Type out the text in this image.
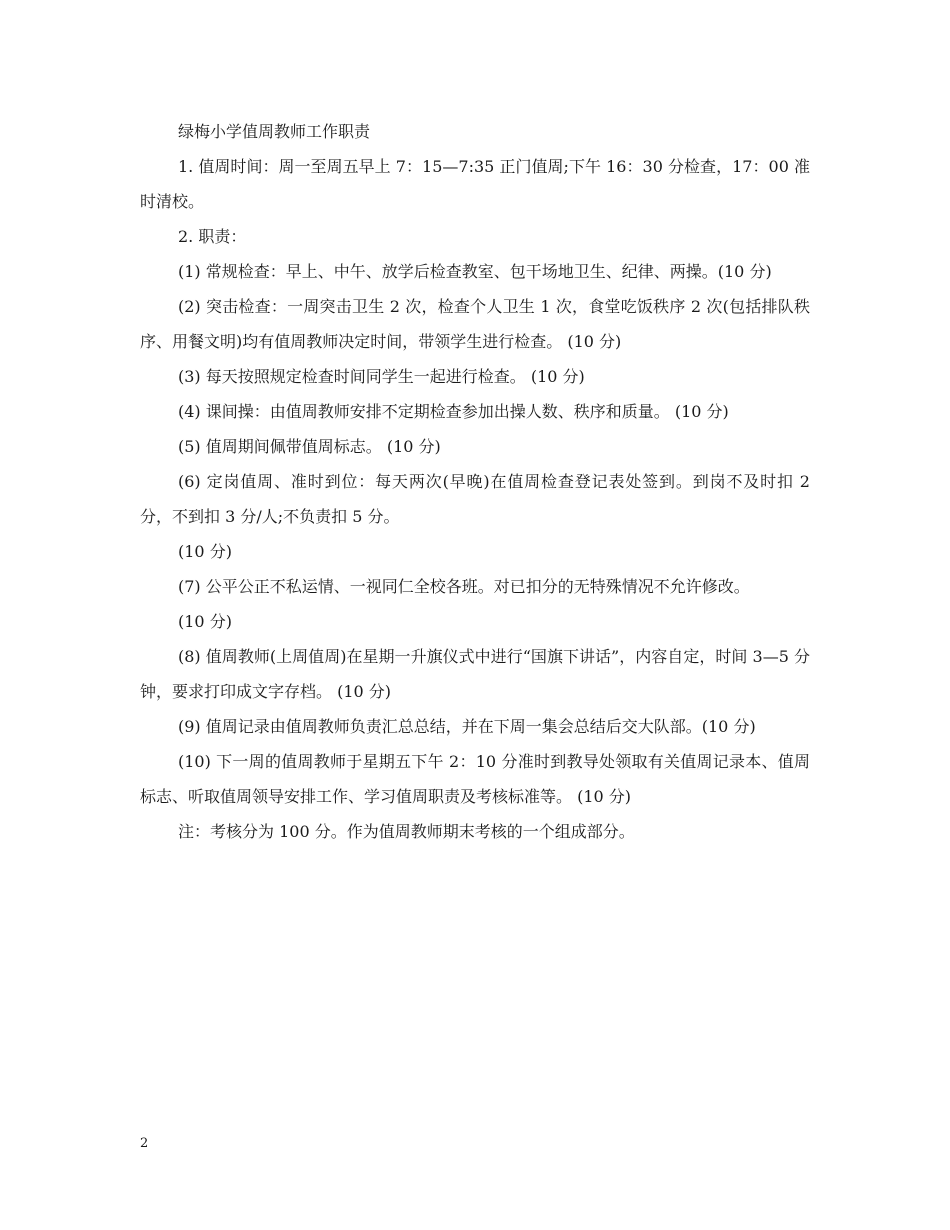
绿梅小学值周教师工作职责

1. 值周时间：周一至周五早上 7：15—7:35 正门值周;下午 16：30 分检查，17：00 准时清校。

2. 职责：

(1) 常规检查：早上、中午、放学后检查教室、包干场地卫生、纪律、两操。(10 分)

(2) 突击检查：一周突击卫生 2 次，检查个人卫生 1 次，食堂吃饭秩序 2 次(包括排队秩序、用餐文明)均有值周教师决定时间，带领学生进行检查。 (10 分)

(3) 每天按照规定检查时间同学生一起进行检查。 (10 分)

(4) 课间操：由值周教师安排不定期检查参加出操人数、秩序和质量。 (10 分)

(5) 值周期间佩带值周标志。 (10 分)

(6) 定岗值周、准时到位：每天两次(早晚)在值周检查登记表处签到。到岗不及时扣 2 分，不到扣 3 分/人;不负责扣 5 分。

(10 分)

(7) 公平公正不私运情、一视同仁全校各班。对已扣分的无特殊情况不允许修改。

(10 分)

(8) 值周教师(上周值周)在星期一升旗仪式中进行“国旗下讲话”，内容自定，时间 3—5 分钟，要求打印成文字存档。 (10 分)

(9) 值周记录由值周教师负责汇总总结，并在下周一集会总结后交大队部。(10 分)

(10) 下一周的值周教师于星期五下午 2：10 分准时到教导处领取有关值周记录本、值周标志、听取值周领导安排工作、学习值周职责及考核标准等。 (10 分)

注：考核分为 100 分。作为值周教师期末考核的一个组成部分。

2
